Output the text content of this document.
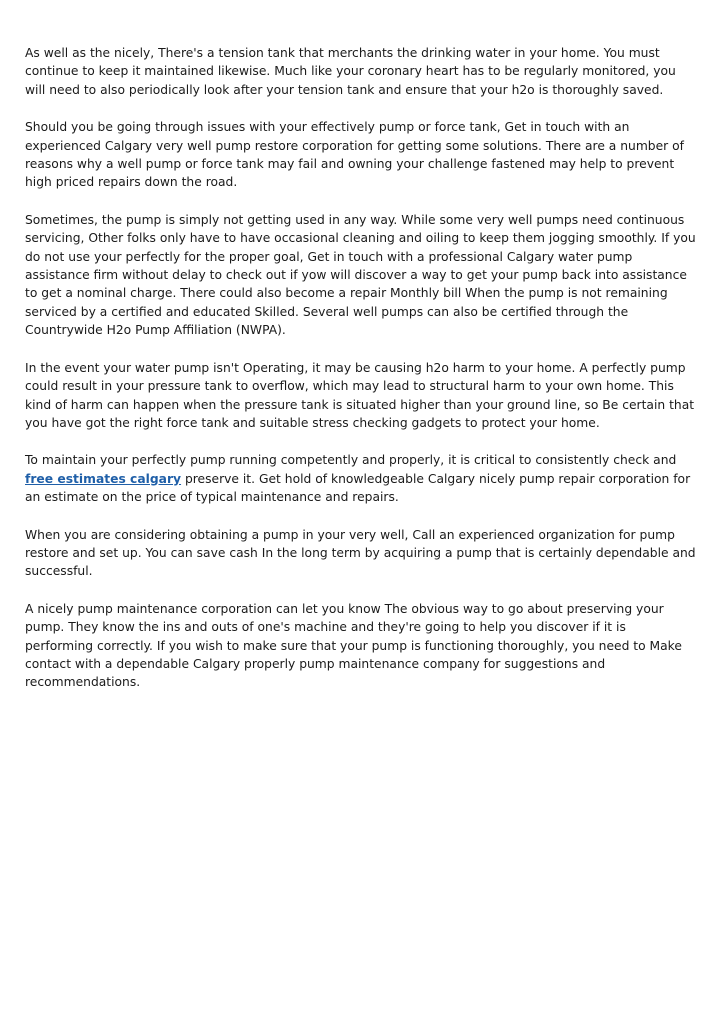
As well as the nicely, There's a tension tank that merchants the drinking water in your home. You must continue to keep it maintained likewise. Much like your coronary heart has to be regularly monitored, you will need to also periodically look after your tension tank and ensure that your h2o is thoroughly saved.

Should you be going through issues with your effectively pump or force tank, Get in touch with an experienced Calgary very well pump restore corporation for getting some solutions. There are a number of reasons why a well pump or force tank may fail and owning your challenge fastened may help to prevent high priced repairs down the road.

Sometimes, the pump is simply not getting used in any way. While some very well pumps need continuous servicing, Other folks only have to have occasional cleaning and oiling to keep them jogging smoothly. If you do not use your perfectly for the proper goal, Get in touch with a professional Calgary water pump assistance firm without delay to check out if yow will discover a way to get your pump back into assistance to get a nominal charge. There could also become a repair Monthly bill When the pump is not remaining serviced by a certified and educated Skilled. Several well pumps can also be certified through the Countrywide H2o Pump Affiliation (NWPA).

In the event your water pump isn't Operating, it may be causing h2o harm to your home. A perfectly pump could result in your pressure tank to overflow, which may lead to structural harm to your own home. This kind of harm can happen when the pressure tank is situated higher than your ground line, so Be certain that you have got the right force tank and suitable stress checking gadgets to protect your home.

To maintain your perfectly pump running competently and properly, it is critical to consistently check and free estimates calgary preserve it. Get hold of knowledgeable Calgary nicely pump repair corporation for an estimate on the price of typical maintenance and repairs.

When you are considering obtaining a pump in your very well, Call an experienced organization for pump restore and set up. You can save cash In the long term by acquiring a pump that is certainly dependable and successful.

A nicely pump maintenance corporation can let you know The obvious way to go about preserving your pump. They know the ins and outs of one's machine and they're going to help you discover if it is performing correctly. If you wish to make sure that your pump is functioning thoroughly, you need to Make contact with a dependable Calgary properly pump maintenance company for suggestions and recommendations.
